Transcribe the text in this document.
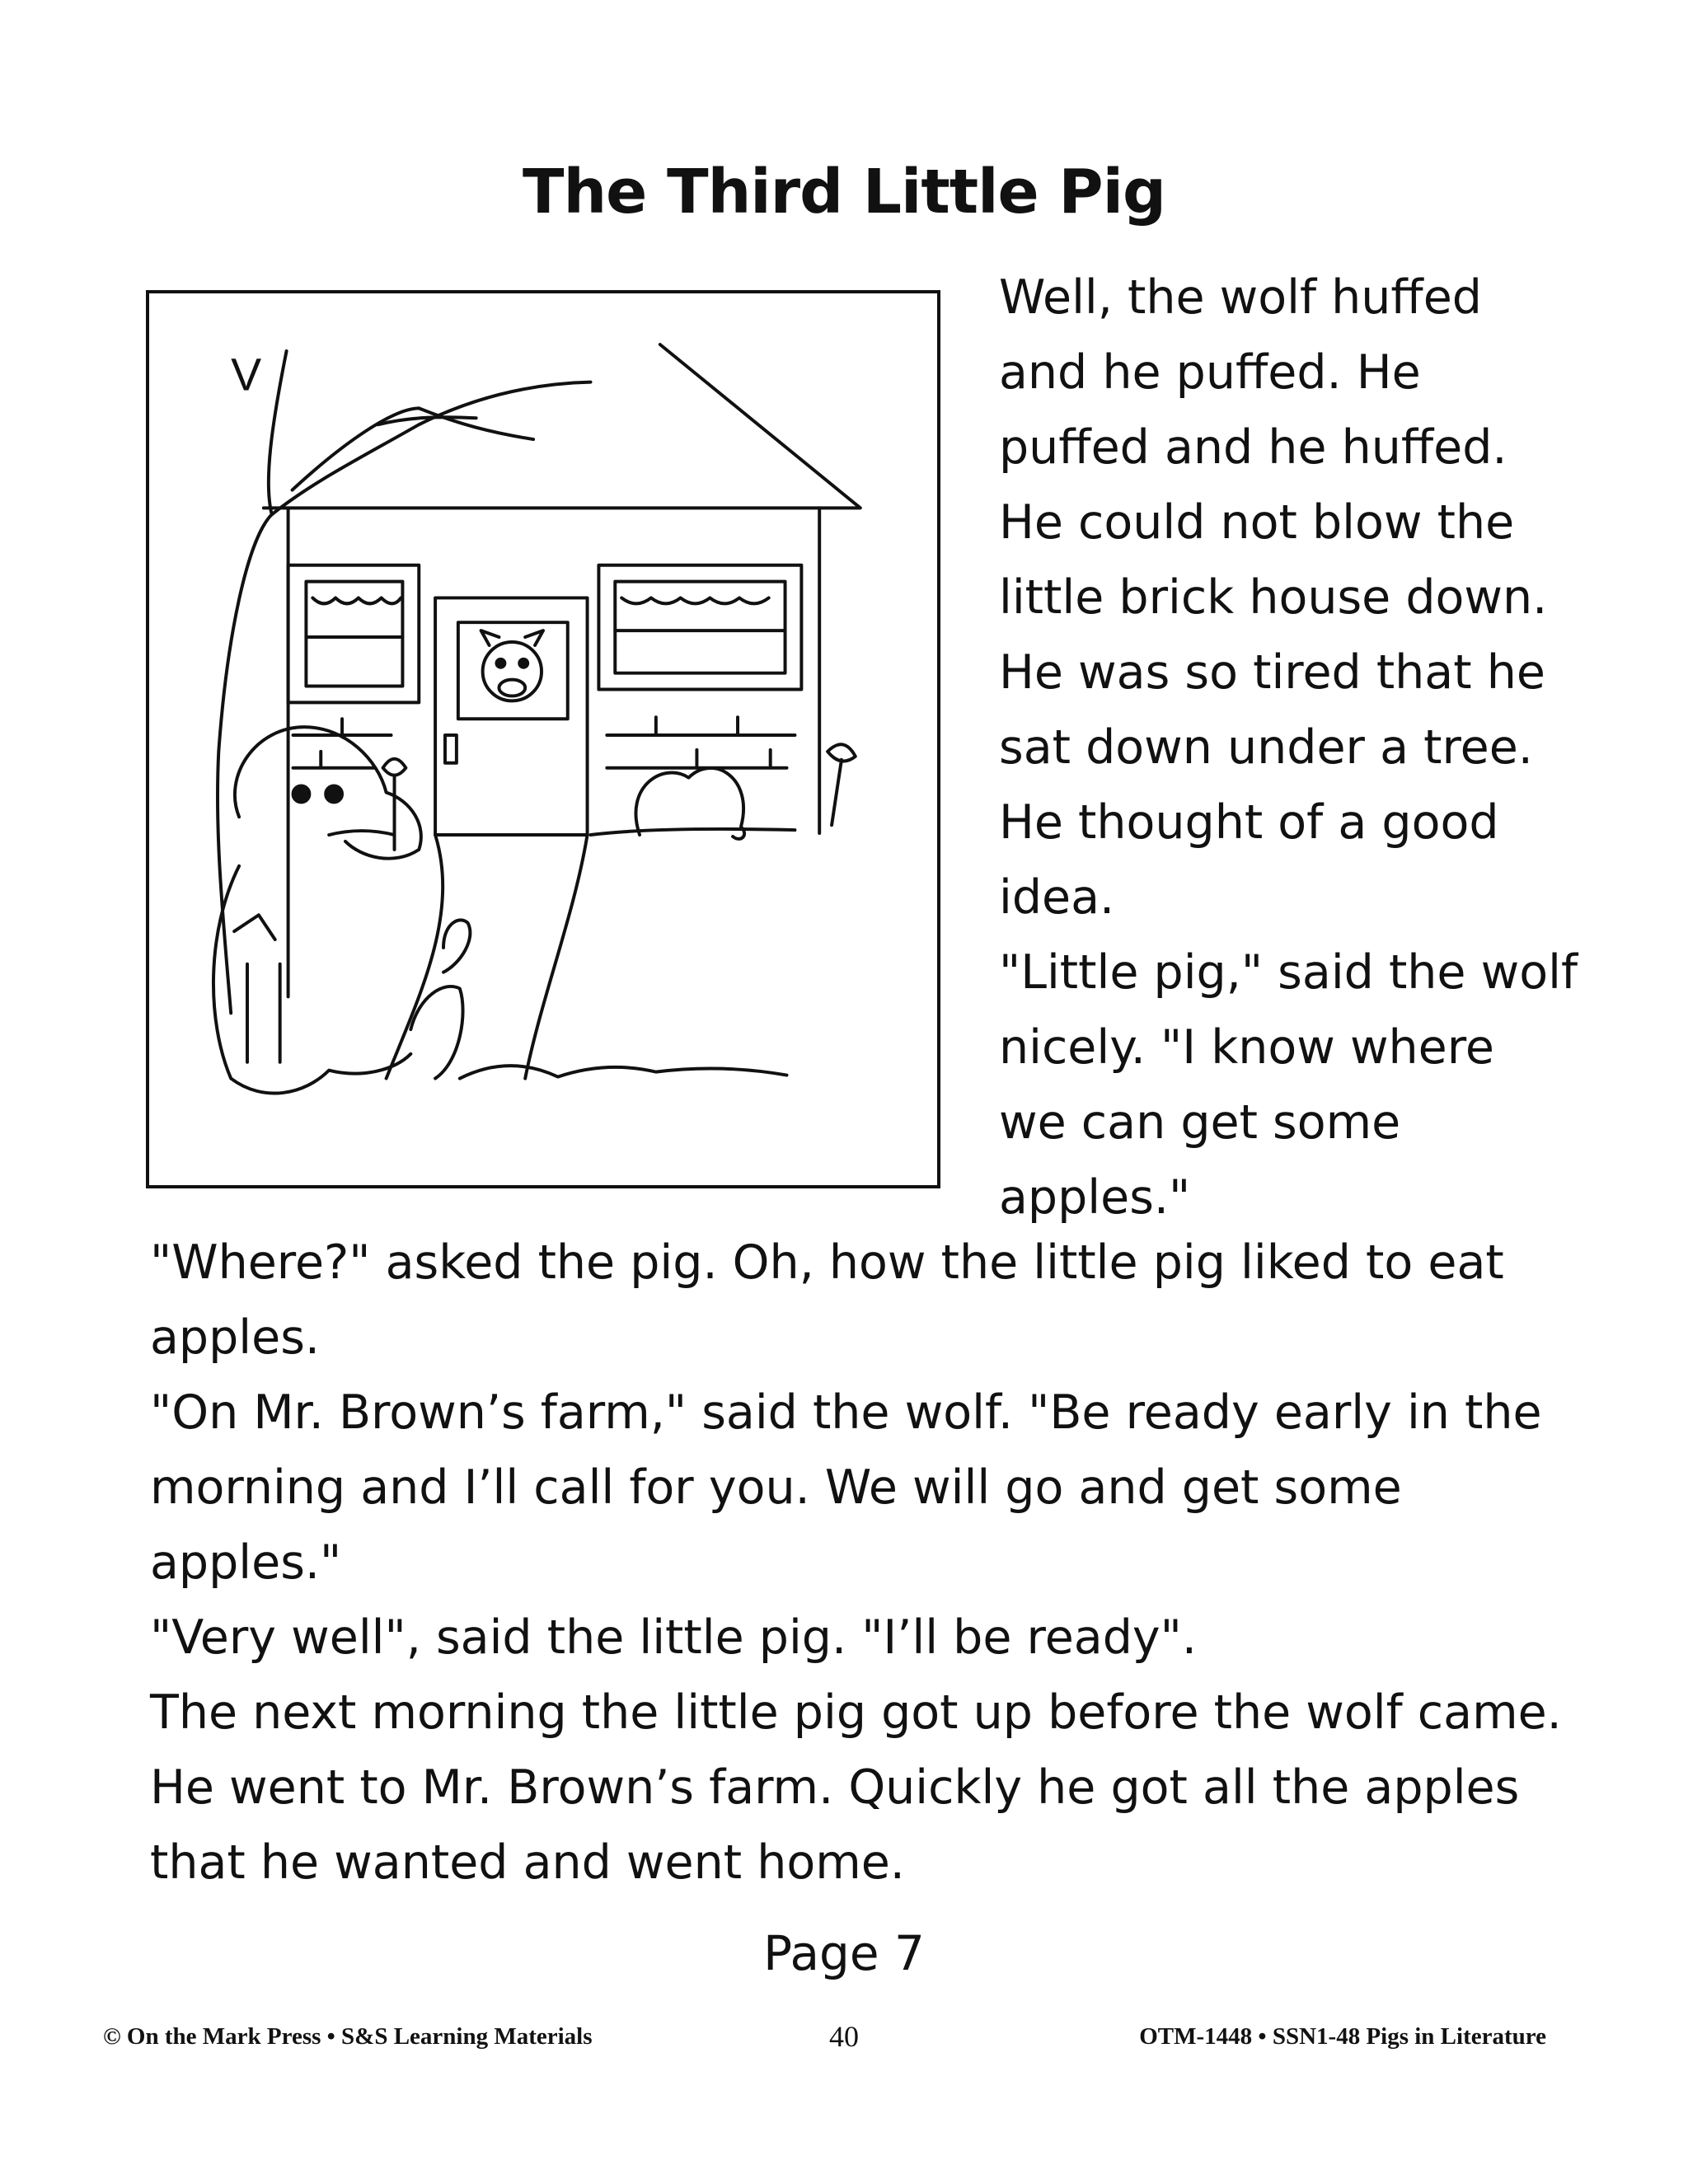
The Third Little Pig
V
Well, the wolf huffed
and he puffed. He
puffed and he huffed.
He could not blow the
little brick house down.
He was so tired that he
sat down under a tree.
He thought of a good
idea.
"Little pig," said the wolf
nicely. "I know where
we can get some
apples."
"Where?" asked the pig. Oh, how the little pig liked to eat
apples.
"On Mr. Brown’s farm," said the wolf. "Be ready early in the
morning and I’ll call for you. We will go and get some
apples."
"Very well", said the little pig. "I’ll be ready".
The next morning the little pig got up before the wolf came.
He went to Mr. Brown’s farm. Quickly he got all the apples
that he wanted and went home.
Page 7
© On the Mark Press • S&S Learning Materials	40	OTM-1448 • SSN1-48 Pigs in Literature
